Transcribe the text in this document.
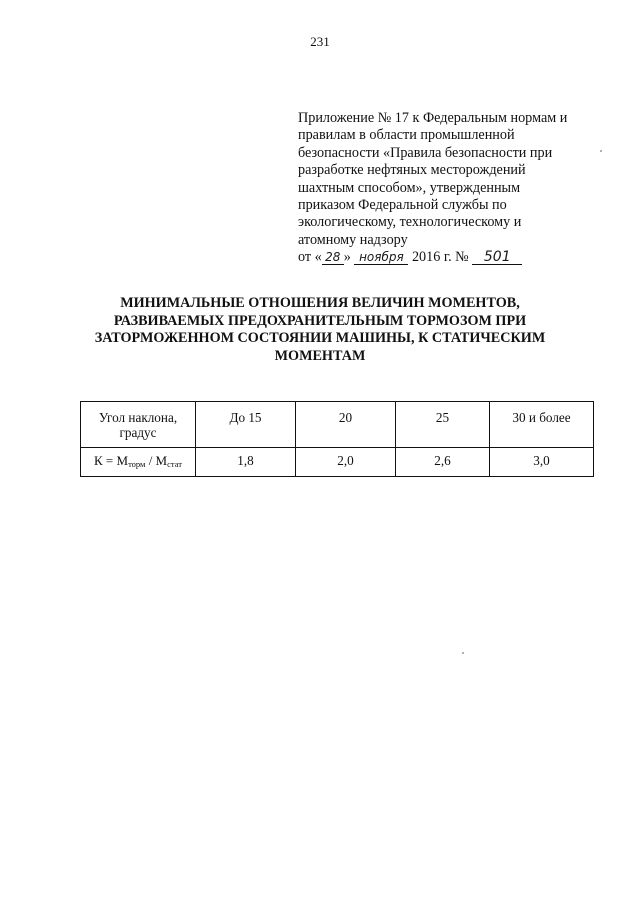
231
Приложение № 17 к Федеральным нормам и
правилам в области промышленной
безопасности «Правила безопасности при
разработке нефтяных месторождений
шахтным способом», утвержденным
приказом Федеральной службы по
экологическому, технологическому и
атомному надзору
от « 28 » ноября 2016 г. № 501
МИНИМАЛЬНЫЕ ОТНОШЕНИЯ ВЕЛИЧИН МОМЕНТОВ,
РАЗВИВАЕМЫХ ПРЕДОХРАНИТЕЛЬНЫМ ТОРМОЗОМ ПРИ
ЗАТОРМОЖЕННОМ СОСТОЯНИИ МАШИНЫ, К СТАТИЧЕСКИМ
МОМЕНТАМ
Угол наклона,
градус	До 15	20	25	30 и более
$К = М_{торм} / М_{стат}$	1,8	2,0	2,6	3,0
